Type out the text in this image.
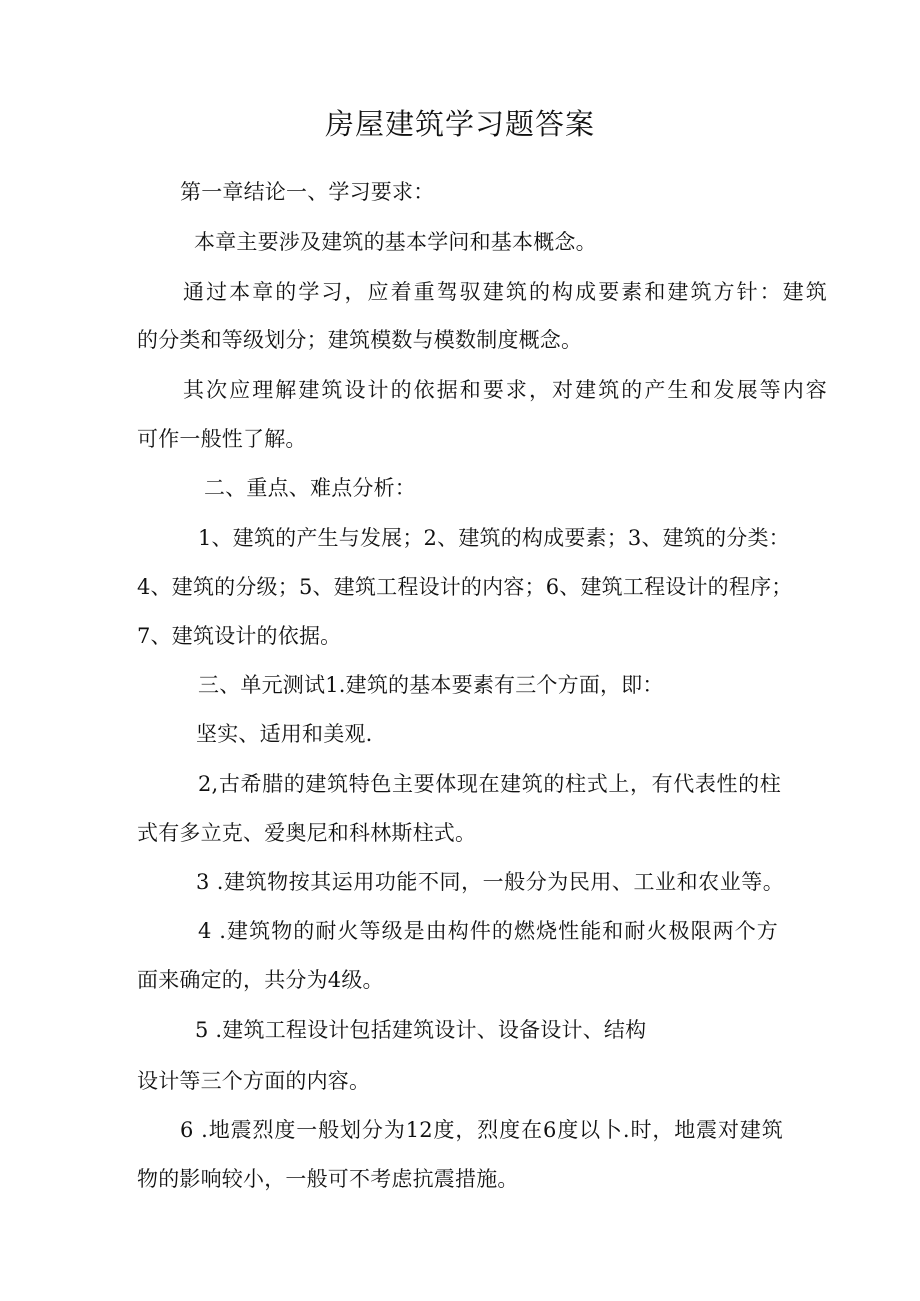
房屋建筑学习题答案
第一章结论一、学习要求：
本章主要涉及建筑的基本学问和基本概念。
通过本章的学习，应着重驾驭建筑的构成要素和建筑方针：建筑
的分类和等级划分；建筑模数与模数制度概念。
其次应理解建筑设计的依据和要求，对建筑的产生和发展等内容
可作一般性了解。
二、重点、难点分析：
1、建筑的产生与发展；2、建筑的构成要素；3、建筑的分类：
4、建筑的分级；5、建筑工程设计的内容；6、建筑工程设计的程序；
7、建筑设计的依据。
三、单元测试1.建筑的基本要素有三个方面，即：
坚实、适用和美观.
2,古希腊的建筑特色主要体现在建筑的柱式上，有代表性的柱
式有多立克、爱奥尼和科林斯柱式。
3 .建筑物按其运用功能不同，一般分为民用、工业和农业等。
4 .建筑物的耐火等级是由构件的燃烧性能和耐火极限两个方
面来确定的，共分为4级。
5 .建筑工程设计包括建筑设计、设备设计、结构
设计等三个方面的内容。
6 .地震烈度一般划分为12度，烈度在6度以卜.时，地震对建筑
物的影响较小，一般可不考虑抗震措施。
